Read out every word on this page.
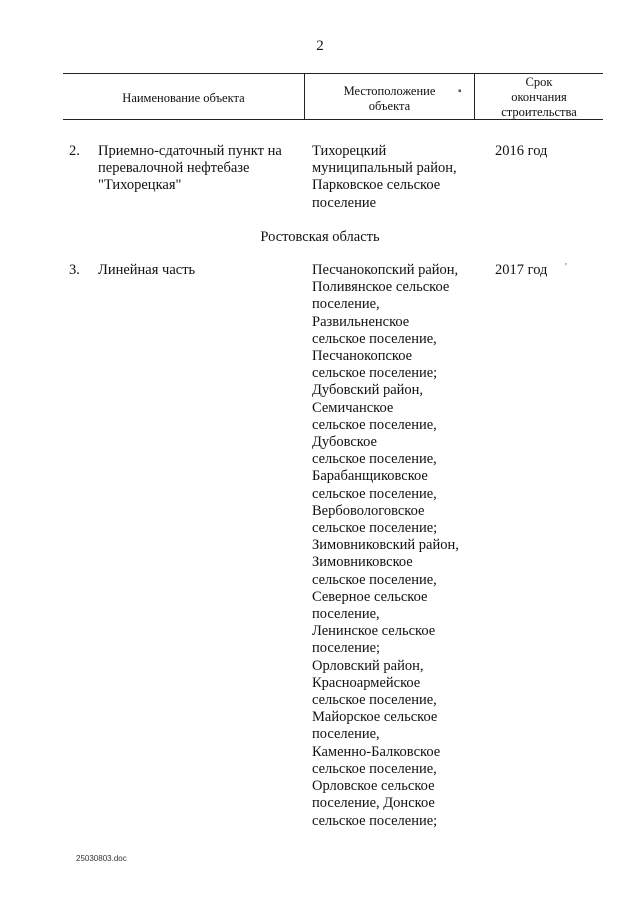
2
Наименование объекта	Местоположение
объекта
▪
Срок
окончания
строительства
2. Приемно-сдаточный пункт на
перевалочной нефтебазе
"Тихорецкая"
Тихорецкий
муниципальный район,
Парковское сельское
поселение
2016 год
Ростовская область
3. Линейная часть	2017 год '
Песчанокопский район,
Поливянское сельское
поселение,
Развильненское
сельское поселение,
Песчанокопское
сельское поселение;
Дубовский район,
Семичанское
сельское поселение,
Дубовское
сельское поселение,
Барабанщиковское
сельское поселение,
Вербовологовское
сельское поселение;
Зимовниковский район,
Зимовниковское
сельское поселение,
Северное сельское
поселение,
Ленинское сельское
поселение;
Орловский район,
Красноармейское
сельское поселение,
Майорское сельское
поселение,
Каменно-Балковское
сельское поселение,
Орловское сельское
поселение, Донское
сельское поселение;
25030803.doc
